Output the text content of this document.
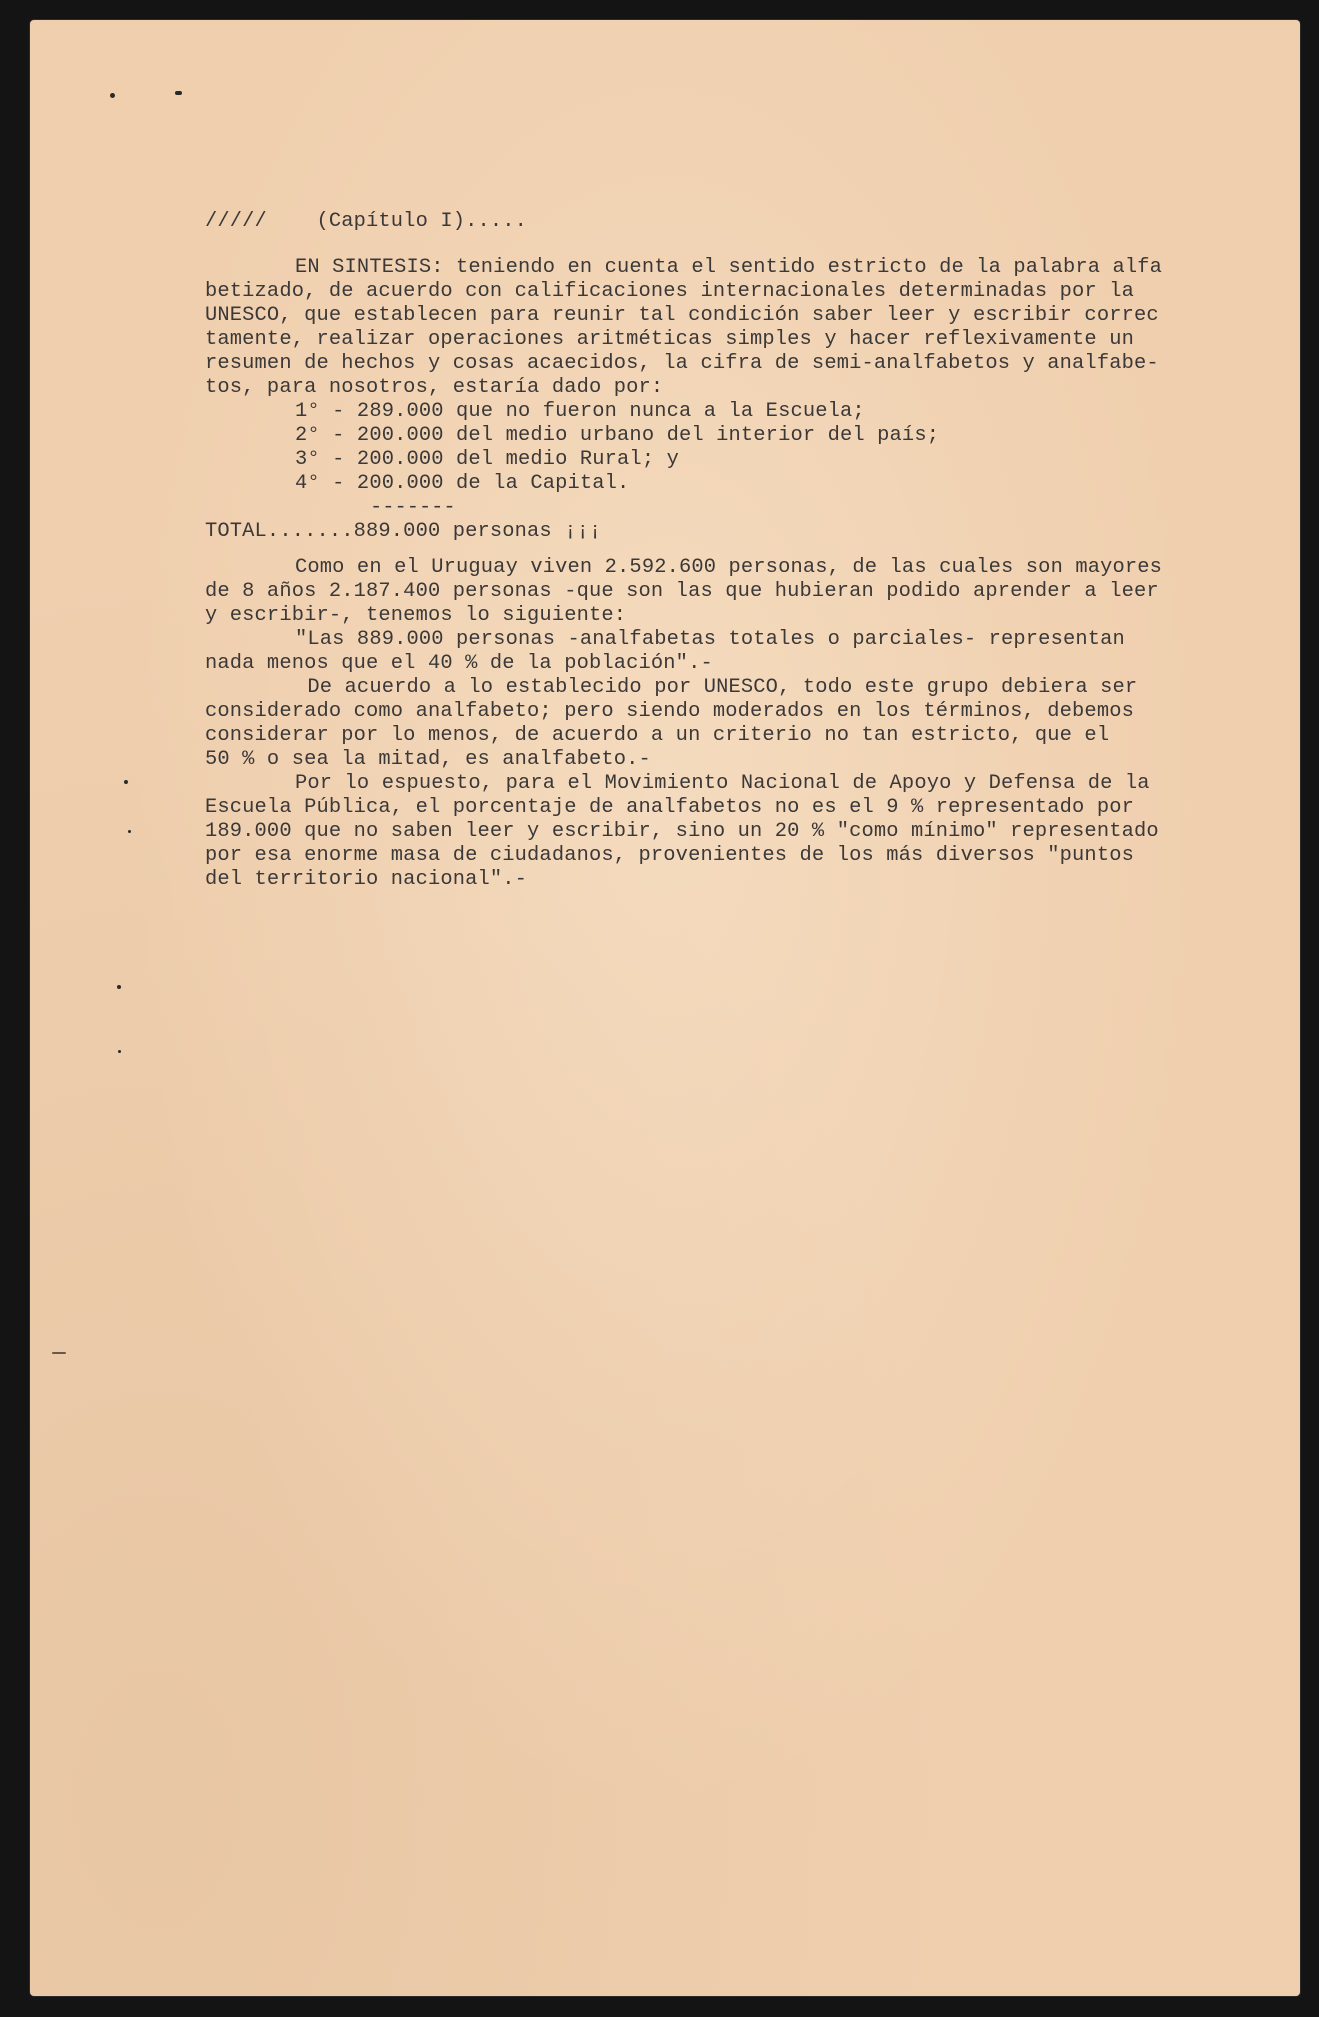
/////    (Capítulo I).....
EN SINTESIS: teniendo en cuenta el sentido estricto de la palabra alfa
betizado, de acuerdo con calificaciones internacionales determinadas por la
UNESCO, que establecen para reunir tal condición saber leer y escribir correc
tamente, realizar operaciones aritméticas simples y hacer reflexivamente un
resumen de hechos y cosas acaecidos, la cifra de semi-analfabetos y analfabe-
tos, para nosotros, estaría dado por:
1° - 289.000 que no fueron nunca a la Escuela;
2° - 200.000 del medio urbano del interior del país;
3° - 200.000 del medio Rural; y
4° - 200.000 de la Capital.
-------
TOTAL.......889.000 personas ¡¡¡
Como en el Uruguay viven 2.592.600 personas, de las cuales son mayores
de 8 años 2.187.400 personas -que son las que hubieran podido aprender a leer
y escribir-, tenemos lo siguiente:
"Las 889.000 personas -analfabetas totales o parciales- representan
nada menos que el 40 % de la población".-
De acuerdo a lo establecido por UNESCO, todo este grupo debiera ser
considerado como analfabeto; pero siendo moderados en los términos, debemos
considerar por lo menos, de acuerdo a un criterio no tan estricto, que el
50 % o sea la mitad, es analfabeto.-
Por lo espuesto, para el Movimiento Nacional de Apoyo y Defensa de la
Escuela Pública, el porcentaje de analfabetos no es el 9 % representado por
189.000 que no saben leer y escribir, sino un 20 % "como mínimo" representado
por esa enorme masa de ciudadanos, provenientes de los más diversos "puntos
del territorio nacional".-
